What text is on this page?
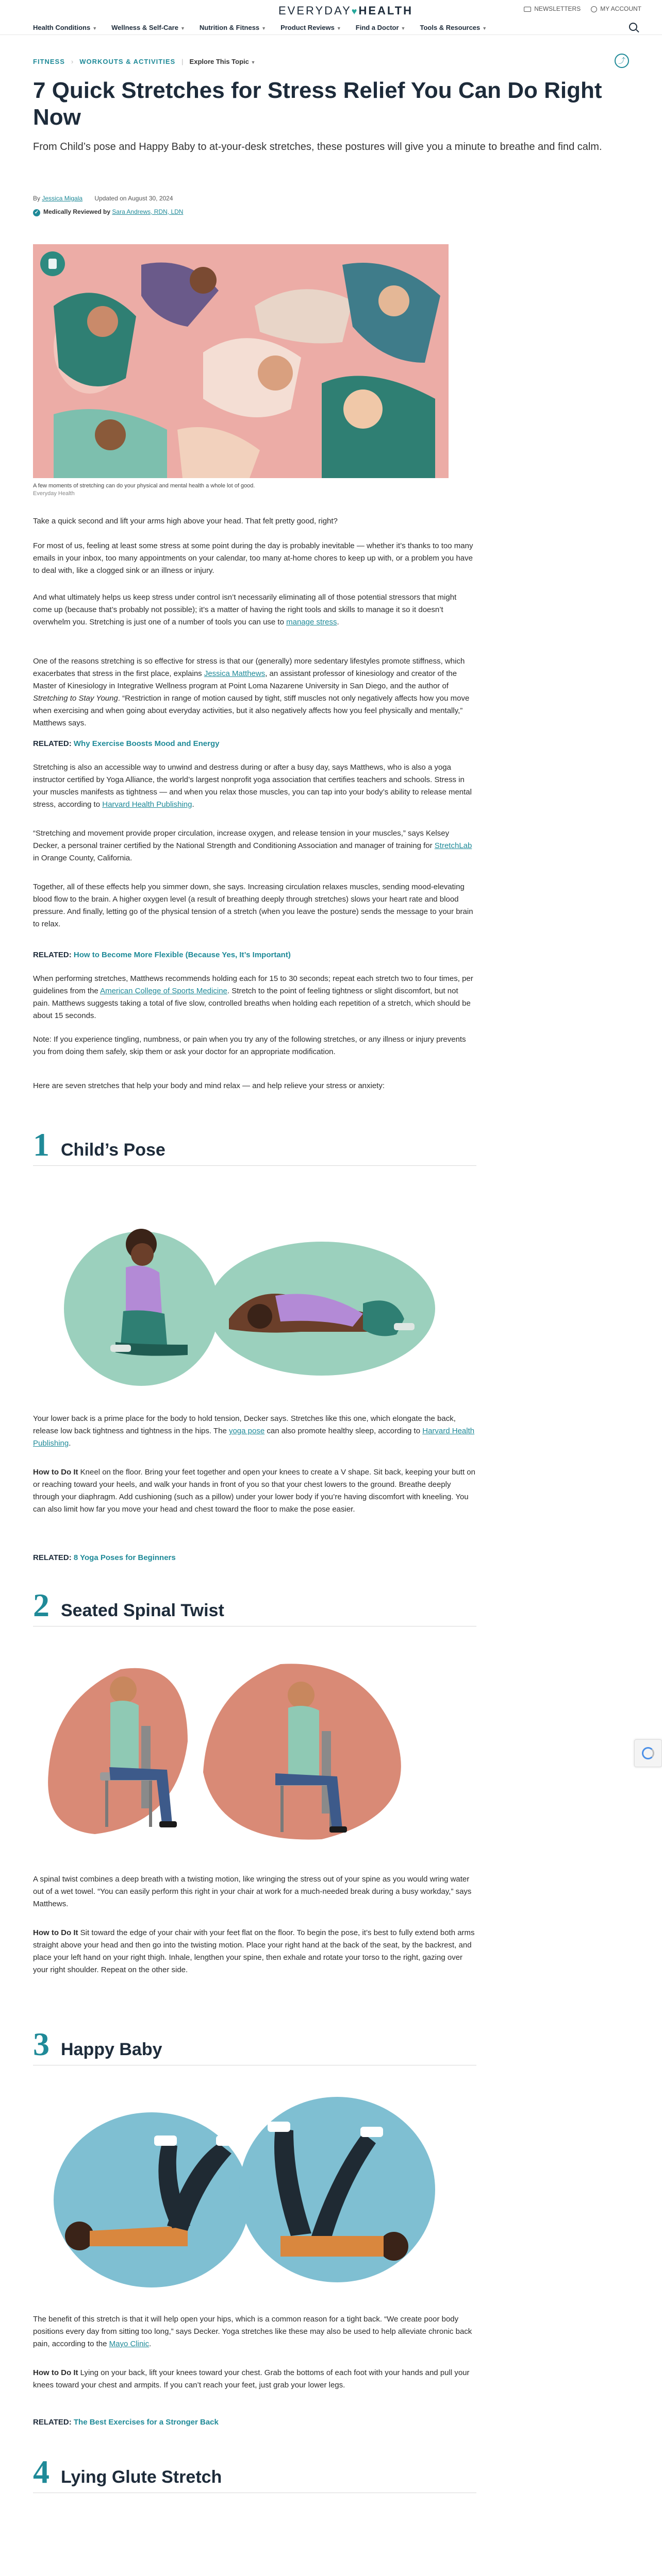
EVERYDAY♥HEALTH	NEWSLETTERS	MY ACCOUNT
Health Conditions ▼ Wellness & Self-Care ▼ Nutrition & Fitness ▼ Product Reviews ▼ Find a Doctor ▼ Tools & Resources ▼
FITNESS › WORKOUTS & ACTIVITIES | Explore This Topic ▼	⤴
7 Quick Stretches for Stress Relief You Can Do Right Now

From Child’s pose and Happy Baby to at-your-desk stretches, these postures will give you a minute to breathe and find calm.

By Jessica Migala Updated on August 30, 2024
✓ Medically Reviewed by Sara Andrews, RDN, LDN

A few moments of stretching can do your physical and mental health a whole lot of good.
Everyday Health

Take a quick second and lift your arms high above your head. That felt pretty good, right?

For most of us, feeling at least some stress at some point during the day is probably inevitable — whether it’s thanks to too many emails in your inbox, too many appointments on your calendar, too many at-home chores to keep up with, or a problem you have to deal with, like a clogged sink or an illness or injury.

And what ultimately helps us keep stress under control isn’t necessarily eliminating all of those potential stressors that might come up (because that’s probably not possible); it’s a matter of having the right tools and skills to manage it so it doesn’t overwhelm you. Stretching is just one of a number of tools you can use to manage stress.

One of the reasons stretching is so effective for stress is that our (generally) more sedentary lifestyles promote stiffness, which exacerbates that stress in the first place, explains Jessica Matthews, an assistant professor of kinesiology and creator of the Master of Kinesiology in Integrative Wellness program at Point Loma Nazarene University in San Diego, and the author of Stretching to Stay Young. “Restriction in range of motion caused by tight, stiff muscles not only negatively affects how you move when exercising and when going about everyday activities, but it also negatively affects how you feel physically and mentally,” Matthews says.

RELATED: Why Exercise Boosts Mood and Energy

Stretching is also an accessible way to unwind and destress during or after a busy day, says Matthews, who is also a yoga instructor certified by Yoga Alliance, the world’s largest nonprofit yoga association that certifies teachers and schools. Stress in your muscles manifests as tightness — and when you relax those muscles, you can tap into your body’s ability to release mental stress, according to Harvard Health Publishing.

“Stretching and movement provide proper circulation, increase oxygen, and release tension in your muscles,” says Kelsey Decker, a personal trainer certified by the National Strength and Conditioning Association and manager of training for StretchLab in Orange County, California.

Together, all of these effects help you simmer down, she says. Increasing circulation relaxes muscles, sending mood-elevating blood flow to the brain. A higher oxygen level (a result of breathing deeply through stretches) slows your heart rate and blood pressure. And finally, letting go of the physical tension of a stretch (when you leave the posture) sends the message to your brain to relax.

RELATED: How to Become More Flexible (Because Yes, It’s Important)

When performing stretches, Matthews recommends holding each for 15 to 30 seconds; repeat each stretch two to four times, per guidelines from the American College of Sports Medicine. Stretch to the point of feeling tightness or slight discomfort, but not pain. Matthews suggests taking a total of five slow, controlled breaths when holding each repetition of a stretch, which should be about 15 seconds.

Note: If you experience tingling, numbness, or pain when you try any of the following stretches, or any illness or injury prevents you from doing them safely, skip them or ask your doctor for an appropriate modification.

Here are seven stretches that help your body and mind relax — and help relieve your stress or anxiety:

1 Child’s Pose

Your lower back is a prime place for the body to hold tension, Decker says. Stretches like this one, which elongate the back, release low back tightness and tightness in the hips. The yoga pose can also promote healthy sleep, according to Harvard Health Publishing.

How to Do It Kneel on the floor. Bring your feet together and open your knees to create a V shape. Sit back, keeping your butt on or reaching toward your heels, and walk your hands in front of you so that your chest lowers to the ground. Breathe deeply through your diaphragm. Add cushioning (such as a pillow) under your lower body if you’re having discomfort with kneeling. You can also limit how far you move your head and chest toward the floor to make the pose easier.

RELATED: 8 Yoga Poses for Beginners

2 Seated Spinal Twist

A spinal twist combines a deep breath with a twisting motion, like wringing the stress out of your spine as you would wring water out of a wet towel. “You can easily perform this right in your chair at work for a much-needed break during a busy workday,” says Matthews.

How to Do It Sit toward the edge of your chair with your feet flat on the floor. To begin the pose, it’s best to fully extend both arms straight above your head and then go into the twisting motion. Place your right hand at the back of the seat, by the backrest, and place your left hand on your right thigh. Inhale, lengthen your spine, then exhale and rotate your torso to the right, gazing over your right shoulder. Repeat on the other side.

3 Happy Baby

The benefit of this stretch is that it will help open your hips, which is a common reason for a tight back. “We create poor body positions every day from sitting too long,” says Decker. Yoga stretches like these may also be used to help alleviate chronic back pain, according to the Mayo Clinic.

How to Do It Lying on your back, lift your knees toward your chest. Grab the bottoms of each foot with your hands and pull your knees toward your chest and armpits. If you can’t reach your feet, just grab your lower legs.

RELATED: The Best Exercises for a Stronger Back

4 Lying Glute Stretch
